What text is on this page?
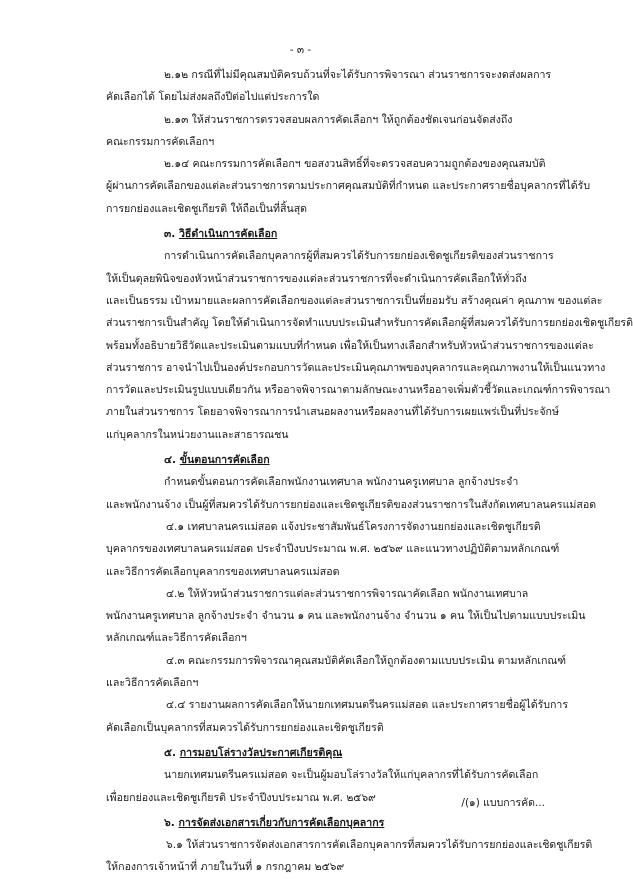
- ๓ -
๒.๑๒ กรณีที่ไม่มีคุณสมบัติครบถ้วนที่จะได้รับการพิจารณา ส่วนราชการจะงดส่งผลการ
คัดเลือกได้ โดยไม่ส่งผลถึงปีต่อไปแต่ประการใด
๒.๑๓ ให้ส่วนราชการตรวจสอบผลการคัดเลือกฯ ให้ถูกต้องชัดเจนก่อนจัดส่งถึง
คณะกรรมการคัดเลือกฯ
๒.๑๔ คณะกรรมการคัดเลือกฯ ขอสงวนสิทธิ์ที่จะตรวจสอบความถูกต้องของคุณสมบัติ
ผู้ผ่านการคัดเลือกของแต่ละส่วนราชการตามประกาศคุณสมบัติที่กำหนด และประกาศรายชื่อบุคลากรที่ได้รับ
การยกย่องและเชิดชูเกียรติ ให้ถือเป็นที่สิ้นสุด
๓. วิธีดำเนินการคัดเลือก
การดำเนินการคัดเลือกบุคลากรผู้ที่สมควรได้รับการยกย่องเชิดชูเกียรติของส่วนราชการ
ให้เป็นดุลยพินิจของหัวหน้าส่วนราชการของแต่ละส่วนราชการที่จะดำเนินการคัดเลือกให้ทั่วถึง
และเป็นธรรม เป้าหมายและผลการคัดเลือกของแต่ละส่วนราชการเป็นที่ยอมรับ สร้างคุณค่า คุณภาพ ของแต่ละ
ส่วนราชการเป็นสำคัญ โดยให้ดำเนินการจัดทำแบบประเมินสำหรับการคัดเลือกผู้ที่สมควรได้รับการยกย่องเชิดชูเกียรติ
พร้อมทั้งอธิบายวิธีวัดและประเมินตามแบบที่กำหนด เพื่อให้เป็นทางเลือกสำหรับหัวหน้าส่วนราชการของแต่ละ
ส่วนราชการ อาจนำไปเป็นองค์ประกอบการวัดและประเมินคุณภาพของบุคลากรและคุณภาพงานให้เป็นแนวทาง
การวัดและประเมินรูปแบบเดียวกัน หรืออาจพิจารณาตามลักษณะงานหรืออาจเพิ่มตัวชี้วัดและเกณฑ์การพิจารณา
ภายในส่วนราชการ โดยอาจพิจารณาการนำเสนอผลงานหรือผลงานที่ได้รับการเผยแพร่เป็นที่ประจักษ์
แก่บุคลากรในหน่วยงานและสาธารณชน
๔. ขั้นตอนการคัดเลือก
กำหนดขั้นตอนการคัดเลือกพนักงานเทศบาล พนักงานครูเทศบาล ลูกจ้างประจำ
และพนักงานจ้าง เป็นผู้ที่สมควรได้รับการยกย่องและเชิดชูเกียรติของส่วนราชการในสังกัดเทศบาลนครแม่สอด
๔.๑ เทศบาลนครแม่สอด แจ้งประชาสัมพันธ์โครงการจัดงานยกย่องและเชิดชูเกียรติ
บุคลากรของเทศบาลนครแม่สอด ประจำปีงบประมาณ พ.ศ. ๒๕๖๙ และแนวทางปฏิบัติตามหลักเกณฑ์
และวิธีการคัดเลือกบุคลากรของเทศบาลนครแม่สอด
๔.๒ ให้หัวหน้าส่วนราชการแต่ละส่วนราชการพิจารณาคัดเลือก พนักงานเทศบาล
พนักงานครูเทศบาล ลูกจ้างประจำ จำนวน ๑ คน และพนักงานจ้าง จำนวน ๑ คน ให้เป็นไปตามแบบประเมิน
หลักเกณฑ์และวิธีการคัดเลือกฯ
๔.๓ คณะกรรมการพิจารณาคุณสมบัติคัดเลือกให้ถูกต้องตามแบบประเมิน ตามหลักเกณฑ์
และวิธีการคัดเลือกฯ
๔.๔ รายงานผลการคัดเลือกให้นายกเทศมนตรีนครแม่สอด และประกาศรายชื่อผู้ได้รับการ
คัดเลือกเป็นบุคลากรที่สมควรได้รับการยกย่องและเชิดชูเกียรติ
๕. การมอบโล่รางวัลประกาศเกียรติคุณ
นายกเทศมนตรีนครแม่สอด จะเป็นผู้มอบโล่รางวัลให้แก่บุคลากรที่ได้รับการคัดเลือก
เพื่อยกย่องและเชิดชูเกียรติ ประจำปีงบประมาณ พ.ศ. ๒๕๖๙
๖. การจัดส่งเอกสารเกี่ยวกับการคัดเลือกบุคลากร
๖.๑ ให้ส่วนราชการจัดส่งเอกสารการคัดเลือกบุคลากรที่สมควรได้รับการยกย่องและเชิดชูเกียรติ
ให้กองการเจ้าหน้าที่ ภายในวันที่ ๑ กรกฎาคม ๒๕๖๙
/(๑) แบบการคัด...
